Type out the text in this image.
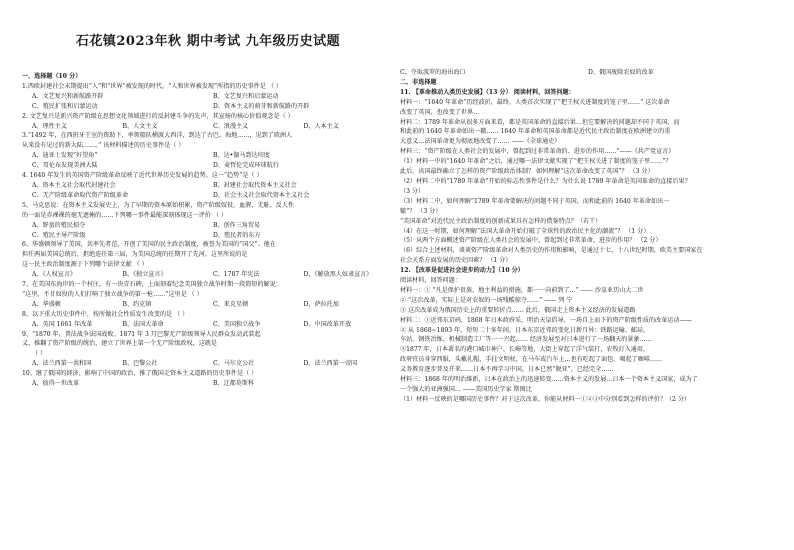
石花镇2023年秋 期中考试 九年级历史试题
一、选择题（10 分）
1.西欧封建社会末期提出“人”和“世界”被发现的时代。“人和世界被发现”所指的历史事件是 （ ）
A、文艺复兴和新航路开辟	B、文艺复兴和启蒙运动
C、殖民扩张和启蒙运动	D、资本主义的萌芽和新航路的开辟
2. 文艺复兴是新兴资产阶级在思想文化领域进行的反封建斗争的先声，其宣扬的核心价值观念是（ ）
A、理性主义	B、人文主义	C、浪漫主义	D、人本主义
3.“1492 年，在西班牙王室的资助下，率领船队横渡大西洋，到达了古巴、海地……，见到了欧洲人
从来没有见过的新大陆……。” 该材料描述的历史事件是（ ）
A、迪亚士发现“好望角”	B、达•伽马到达印度
C、哥伦布发现美洲大陆	D、麦哲伦完成环球航行
4. 1640 年发生的英国资产阶级革命反映了近代世界历史发展的趋势。这一“趋势”是（ ）
A、资本主义社会取代封建社会	B、封建社会取代资本主义社会
C、无产阶级革命取代资产阶级革命	D、社会主义社会取代资本主义社会
5、马克思说：在资本主义发展史上，为了早期的资本原始积累，资产阶级奴役、血腥、无耻、反人性
的一面是赤裸裸的毫无遮掩的……下列哪一事件最能深刻体现这一评价 （ ）
A、野蛮的殖民掠夺	B、创作三角贸易
C、殖民主导产阶级	D、殖民者的东方
6、华盛顿领导了美国，共率先者范，开创了美国的民主政治制度，被誉为美国的“国父”。他在
担任两届美国总统后，拒绝连任第三届，为美国总统的任期开了先河。这里所说的是
这一民主政治制度源于下列哪个法律文献 （ ）
A、《人权宣言》	B、《独立宣言》	C、1787 年宪法	D、《解放黑人奴隶宣言》
7、在美国东海岸的一个村庄，有一块青石碑，上面刻着纪念美国独立战争时期一段简短的解说：
“这里，不甘奴役的人们打响了独立战争的第一枪……”这里是 （ ）
A、华盛顿	B、约克镇	C、来克星顿	D、萨拉托加
8、以下重大历史事件中，按所做社会性质发生改变的是 （ ）
A、英国 1661 年改革	B、法国大革命	C、美国独立战争	D、中国改革开放
9、“1870 年，普法战争法国战败。1871 年 3 月巴黎无产阶级领导人民群众发动武装起
义，推翻了资产阶级的统治，建立了世界上第一个无产阶级政权，这就是
（ ）
A、法兰西第一共和国	B、巴黎公社	C、马尔克公社	D、法兰西第一帝国
10、继了俄国的経济、影响了中国的政治，推了俄国走资本主义道路的历史事件是（ ）
A、彼得一世改革	B、迁都莫斯科
C、夺取波罗的海出海口	D、俄国废除农奴的改革
二、非选择题
11. 【革命推动人类历史发展】（13 分） 阅读材料，回答问题：
材料一：“1640 年革命”历经波折，最终，人类首次实现了“把王权关进制度的笼子里……” 这次革命
改变了英国，也改变了世界…
材料二：1789 年革命从很多方面来看，都是英国革命的直接后果…但它要解决的问题却不同于英国，而
和此前的 1640 年革命如出一辙…… 1640 年革命和英国革命都是近代民主政治制度在欧洲建立的重
大意义…法国革命更为彻底地改变了…… ——《全球通史》
材料三：“资产阶级在人类社会的发展中，曾起到过非常革命的、进步的作用……”——《共产党宣言》
（1）材料一中的“1640 年革命”之后，通过哪一法律文献实现了“把王权关进了制度的笼子里……”？
此后，该国最终确立了怎样的资产阶级政治体制？ 如何理解“这次革命改变了英国”？ （3 分）
（2）材料二中的“1789 年革命”开始的标志性事件是什么？为什么说 1789 年革命是英国革命的直接后果？
（3 分）
（3）材料二中，如何理解“1789 年革命要解决的问题不同于英国，而和此前的 1640 年革命如出一
辙”？ （3 分）
“美国革命”对近代民主政治制度的创新成果具有怎样的借鉴特点？（若干）
（4）在这一时期，如何理解“法国大革命开始打破了全球性的政治民主化的潮流”？ （1 分）
（5）从两个方面概述资产阶级在人类社会的发展中，曾起到过非常革命、进步的作用？ （2 分）
（6）综合上述材料，谈谈资产阶级革命对人类历史的作用和影响，是通过十七、十八世纪时期，欧美主要国家在
社会关系方面发展的历史因素？ （1 分）
12. 【改革是促进社会进步的动力】（10 分）
阅读材料，回答问题：
材料一：① “凡是保护贵族、地主利益的措施，都一一向前到了…” —— 沙皇亚历山大二世
② “这次改革，实际上是对农奴的一场残酷掠夺……” —— 列 宁
③ 这次改革成为俄国历史上的重要转折点…… 此后，俄国走上资本主义经济的发展道路
材料二：①近邻东京码，1868 年日本政府采，明治天皇倡导，一场自上而下的资产阶级性质的改革运动——
② 从 1868~1893 年，短短二十多年间，日本东京近邻的变化日新月异：铁路运输、邮局、
车站、钢铁冶炼、机械制造工厂等一一兴起…… 经济发展至对日本进行了一场翻天的景象……
③1877 年，日本著名的港口城市神户、长崎等地，大街上穿起了洋气装打，农牧打入通用，
政府官员身穿西服，头戴礼帽，手拄文明杖，在马车或汽车上…也有吃起了面包、喝起了咖啡……
义务教育逐步普及开来……日本不再学习中国，日本已然“脱亚”，已经完全……
材料三：1868 年的明治维新，日本在政治上的迅速转变……资本主义的发展…日本一个资本主义国家，成为了
一个强大的亚洲强国… ——美国历史学家 斯图比
（1）材料一反映的是哪国历史事件？对于这次改革，你能从材料一①②③中分别看到怎样的评价？（2 分）
